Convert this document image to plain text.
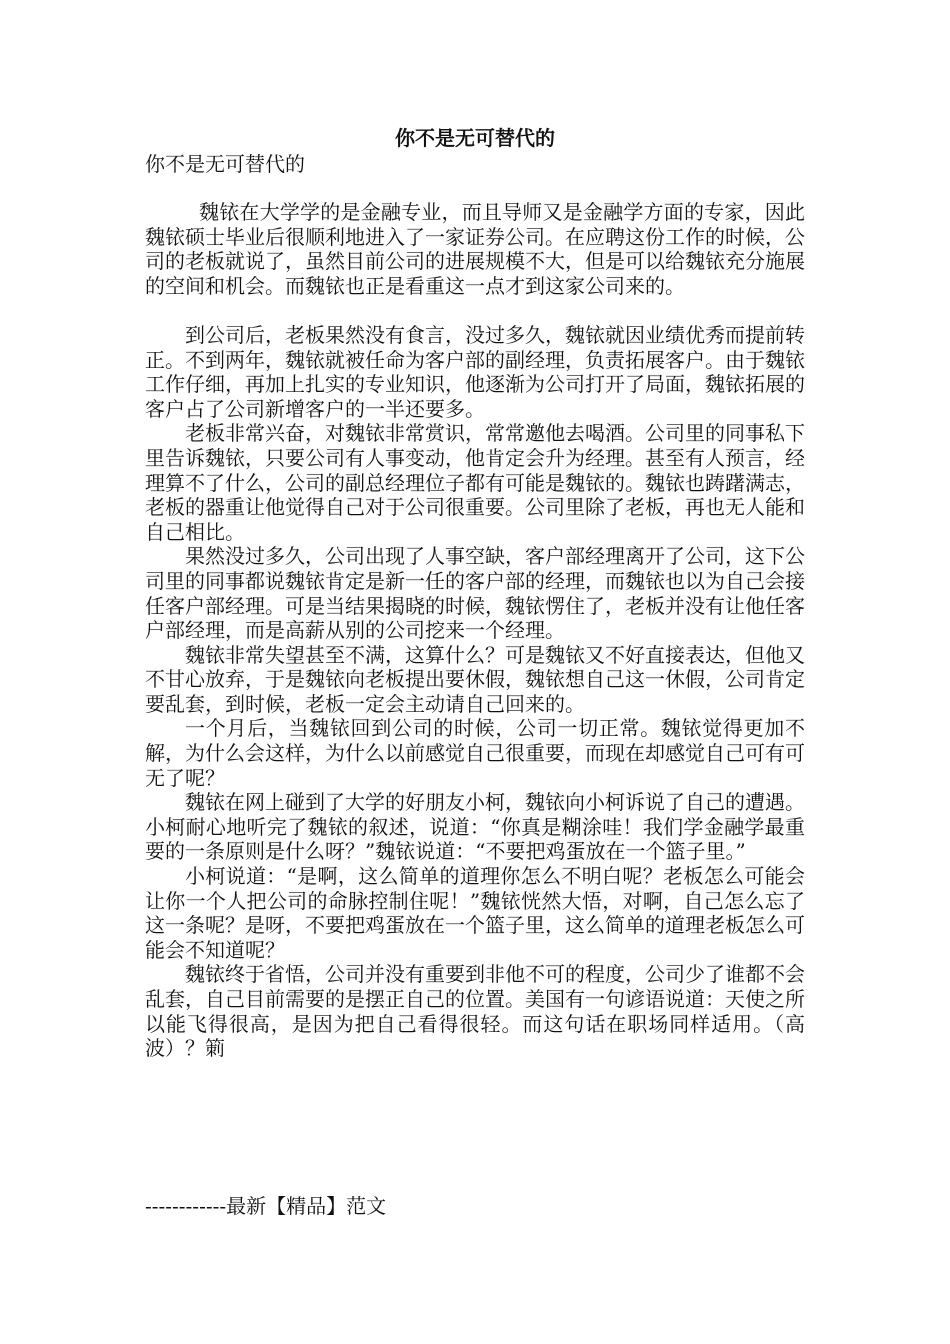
你不是无可替代的
你不是无可替代的

魏铱在大学学的是金融专业，而且导师又是金融学方面的专家，因此魏铱硕士毕业后很顺利地进入了一家证券公司。在应聘这份工作的时候，公司的老板就说了，虽然目前公司的进展规模不大，但是可以给魏铱充分施展的空间和机会。而魏铱也正是看重这一点才到这家公司来的。

到公司后，老板果然没有食言，没过多久，魏铱就因业绩优秀而提前转正。不到两年，魏铱就被任命为客户部的副经理，负责拓展客户。由于魏铱工作仔细，再加上扎实的专业知识，他逐渐为公司打开了局面，魏铱拓展的客户占了公司新增客户的一半还要多。

老板非常兴奋，对魏铱非常赏识，常常邀他去喝酒。公司里的同事私下里告诉魏铱，只要公司有人事变动，他肯定会升为经理。甚至有人预言，经理算不了什么，公司的副总经理位子都有可能是魏铱的。魏铱也踌躇满志，老板的器重让他觉得自己对于公司很重要。公司里除了老板，再也无人能和自己相比。

果然没过多久，公司出现了人事空缺，客户部经理离开了公司，这下公司里的同事都说魏铱肯定是新一任的客户部的经理，而魏铱也以为自己会接任客户部经理。可是当结果揭晓的时候，魏铱愣住了，老板并没有让他任客户部经理，而是高薪从别的公司挖来一个经理。

魏铱非常失望甚至不满，这算什么？可是魏铱又不好直接表达，但他又不甘心放弃，于是魏铱向老板提出要休假，魏铱想自己这一休假，公司肯定要乱套，到时候，老板一定会主动请自己回来的。

一个月后，当魏铱回到公司的时候，公司一切正常。魏铱觉得更加不解，为什么会这样，为什么以前感觉自己很重要，而现在却感觉自己可有可无了呢？

魏铱在网上碰到了大学的好朋友小柯，魏铱向小柯诉说了自己的遭遇。小柯耐心地听完了魏铱的叙述，说道：“你真是糊涂哇！我们学金融学最重要的一条原则是什么呀？”魏铱说道：“不要把鸡蛋放在一个篮子里。”

小柯说道：“是啊，这么简单的道理你怎么不明白呢？老板怎么可能会让你一个人把公司的命脉控制住呢！”魏铱恍然大悟，对啊，自己怎么忘了这一条呢？是呀，不要把鸡蛋放在一个篮子里，这么简单的道理老板怎么可能会不知道呢？

魏铱终于省悟，公司并没有重要到非他不可的程度，公司少了谁都不会乱套，自己目前需要的是摆正自己的位置。美国有一句谚语说道：天使之所以能飞得很高，是因为把自己看得很轻。而这句话在职场同样适用。（高 波）？箣

------------最新【精品】范文
